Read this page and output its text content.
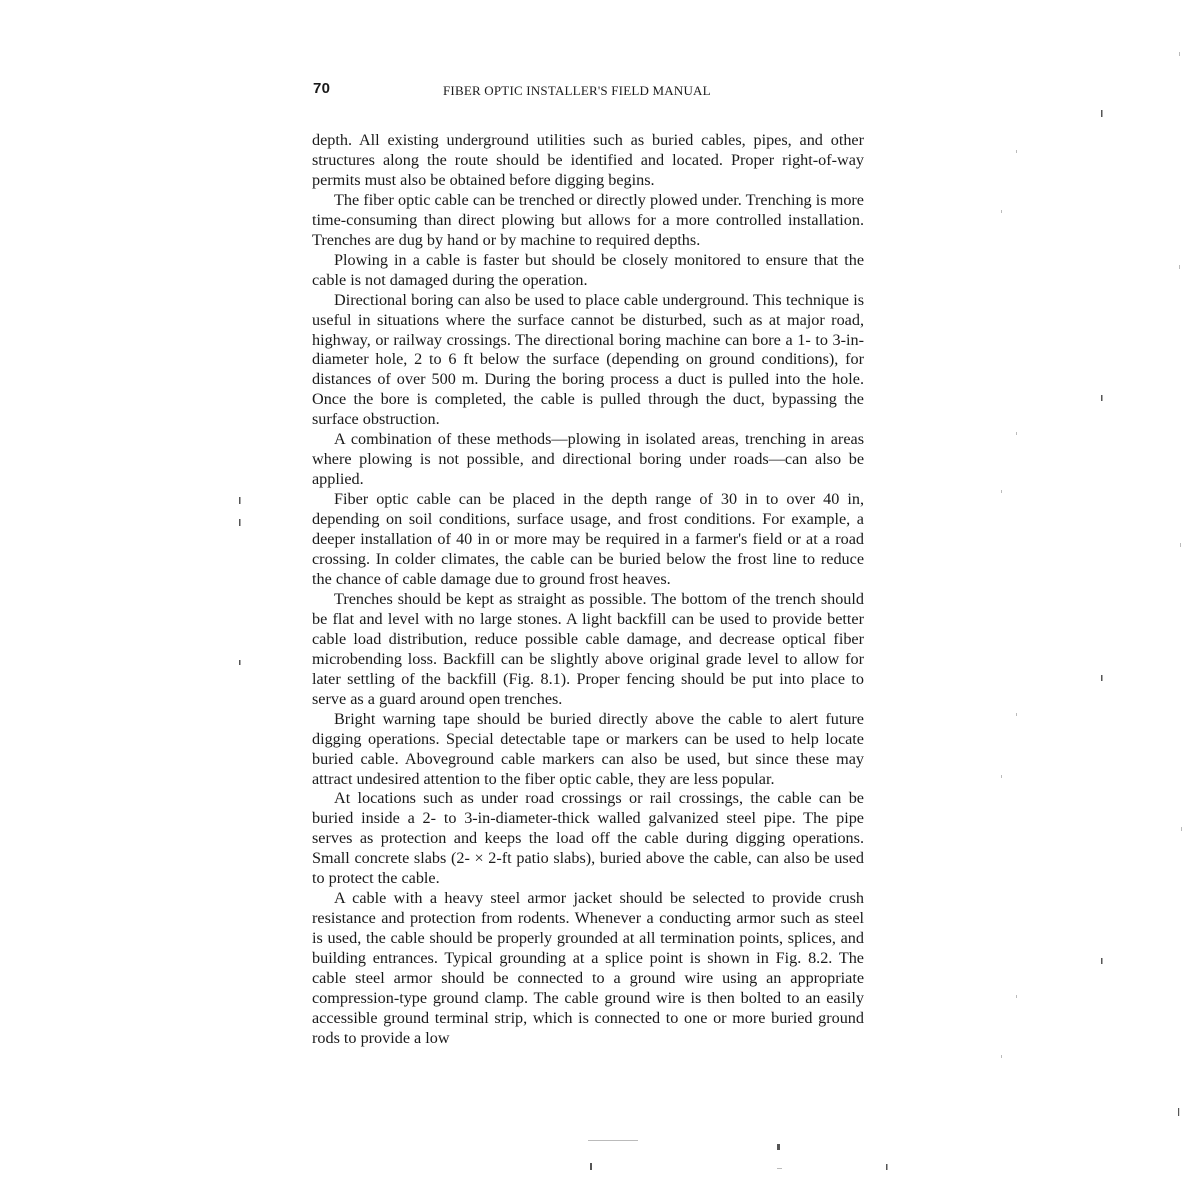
70	FIBER OPTIC INSTALLER'S FIELD MANUAL

depth. All existing underground utilities such as buried cables, pipes, and other structures along the route should be identified and located. Proper right-of-way permits must also be obtained before digging begins.

The fiber optic cable can be trenched or directly plowed under. Trenching is more time-consuming than direct plowing but allows for a more controlled installation. Trenches are dug by hand or by machine to required depths.

Plowing in a cable is faster but should be closely monitored to ensure that the cable is not damaged during the operation.

Directional boring can also be used to place cable underground. This technique is useful in situations where the surface cannot be disturbed, such as at major road, highway, or railway crossings. The directional boring machine can bore a 1- to 3-in-diameter hole, 2 to 6 ft below the surface (depending on ground conditions), for distances of over 500 m. During the boring process a duct is pulled into the hole. Once the bore is completed, the cable is pulled through the duct, bypassing the surface obstruction.

A combination of these methods—plowing in isolated areas, trenching in areas where plowing is not possible, and directional boring under roads—can also be applied.

Fiber optic cable can be placed in the depth range of 30 in to over 40 in, depending on soil conditions, surface usage, and frost conditions. For example, a deeper installation of 40 in or more may be required in a farmer's field or at a road crossing. In colder climates, the cable can be buried below the frost line to reduce the chance of cable damage due to ground frost heaves.

Trenches should be kept as straight as possible. The bottom of the trench should be flat and level with no large stones. A light backfill can be used to provide better cable load distribution, reduce possible cable damage, and decrease optical fiber microbending loss. Backfill can be slightly above original grade level to allow for later settling of the backfill (Fig. 8.1). Proper fencing should be put into place to serve as a guard around open trenches.

Bright warning tape should be buried directly above the cable to alert future digging operations. Special detectable tape or markers can be used to help locate buried cable. Aboveground cable markers can also be used, but since these may attract undesired attention to the fiber optic cable, they are less popular.

At locations such as under road crossings or rail crossings, the cable can be buried inside a 2- to 3-in-diameter-thick walled galvanized steel pipe. The pipe serves as protection and keeps the load off the cable during digging operations. Small concrete slabs (2- × 2-ft patio slabs), buried above the cable, can also be used to protect the cable.

A cable with a heavy steel armor jacket should be selected to provide crush resistance and protection from rodents. Whenever a conducting armor such as steel is used, the cable should be properly grounded at all termination points, splices, and building entrances. Typical grounding at a splice point is shown in Fig. 8.2. The cable steel armor should be connected to a ground wire using an appropriate compression-type ground clamp. The cable ground wire is then bolted to an easily accessible ground terminal strip, which is connected to one or more buried ground rods to provide a low
